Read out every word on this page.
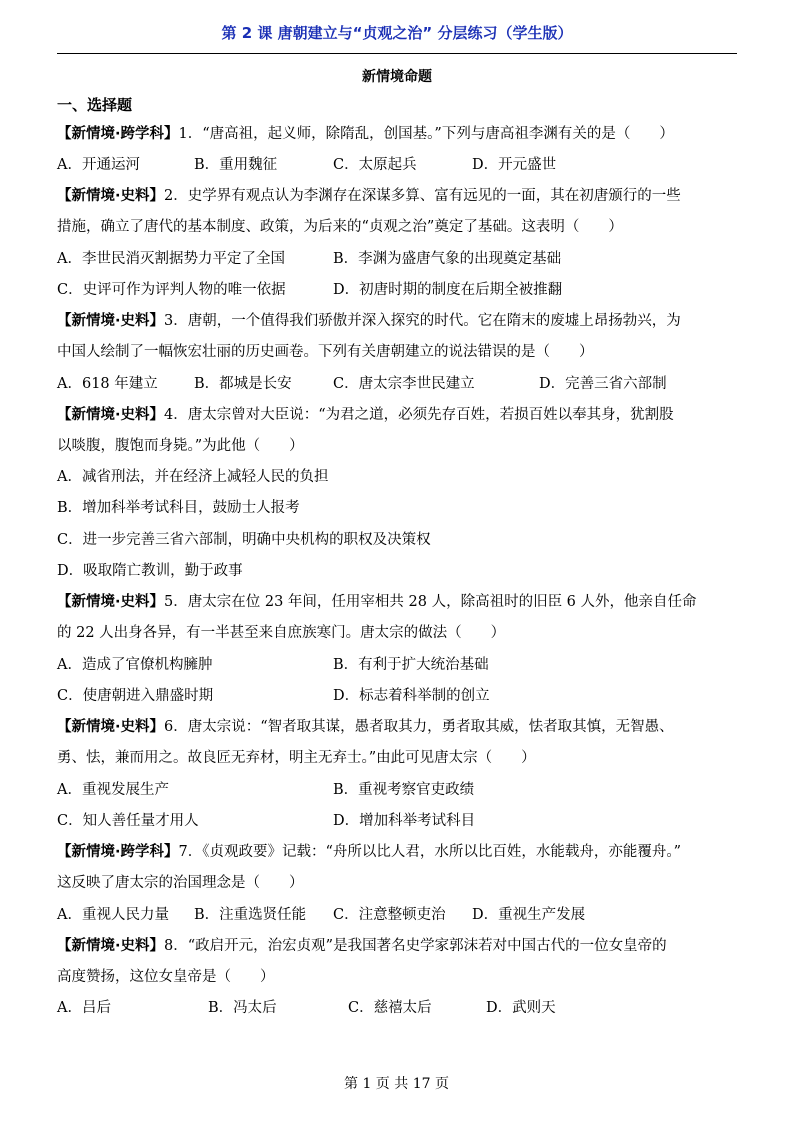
第 2 课 唐朝建立与“贞观之治” 分层练习（学生版）
新情境命题
一、选择题
【新情境·跨学科】1．“唐高祖，起义师，除隋乱，创国基。”下列与唐高祖李渊有关的是（　　）
A．开通运河	B．重用魏征	C．太原起兵	D．开元盛世
【新情境·史料】2．史学界有观点认为李渊存在深谋多算、富有远见的一面，其在初唐颁行的一些
措施，确立了唐代的基本制度、政策，为后来的“贞观之治”奠定了基础。这表明（　　）
A．李世民消灭割据势力平定了全国	B．李渊为盛唐气象的出现奠定基础
C．史评可作为评判人物的唯一依据	D．初唐时期的制度在后期全被推翻
【新情境·史料】3．唐朝，一个值得我们骄傲并深入探究的时代。它在隋末的废墟上昂扬勃兴，为
中国人绘制了一幅恢宏壮丽的历史画卷。下列有关唐朝建立的说法错误的是（　　）
A．618 年建立 B．都城是长安	C．唐太宗李世民建立	D．完善三省六部制
【新情境·史料】4．唐太宗曾对大臣说：“为君之道，必须先存百姓，若损百姓以奉其身，犹割股
以啖腹，腹饱而身毙。”为此他（　　）
A．减省刑法，并在经济上减轻人民的负担
B．增加科举考试科目，鼓励士人报考
C．进一步完善三省六部制，明确中央机构的职权及决策权
D．吸取隋亡教训，勤于政事
【新情境·史料】5．唐太宗在位 23 年间，任用宰相共 28 人，除高祖时的旧臣 6 人外，他亲自任命
的 22 人出身各异，有一半甚至来自庶族寒门。唐太宗的做法（　　）
A．造成了官僚机构臃肿	B．有利于扩大统治基础
C．使唐朝进入鼎盛时期	D．标志着科举制的创立
【新情境·史料】6．唐太宗说：“智者取其谋，愚者取其力，勇者取其威，怯者取其慎，无智愚、
勇、怯，兼而用之。故良匠无弃材，明主无弃士。”由此可见唐太宗（　　）
A．重视发展生产	B．重视考察官吏政绩
C．知人善任量才用人	D．增加科举考试科目
【新情境·跨学科】7．《贞观政要》记载：“舟所以比人君，水所以比百姓，水能载舟，亦能覆舟。”
这反映了唐太宗的治国理念是（　　）
A．重视人民力量 B．注重选贤任能 C．注意整顿吏治 D．重视生产发展
【新情境·史料】8．“政启开元，治宏贞观”是我国著名史学家郭沫若对中国古代的一位女皇帝的
高度赞扬，这位女皇帝是（　　）
A．吕后	B．冯太后	C．慈禧太后	D．武则天
第 1 页 共 17 页
